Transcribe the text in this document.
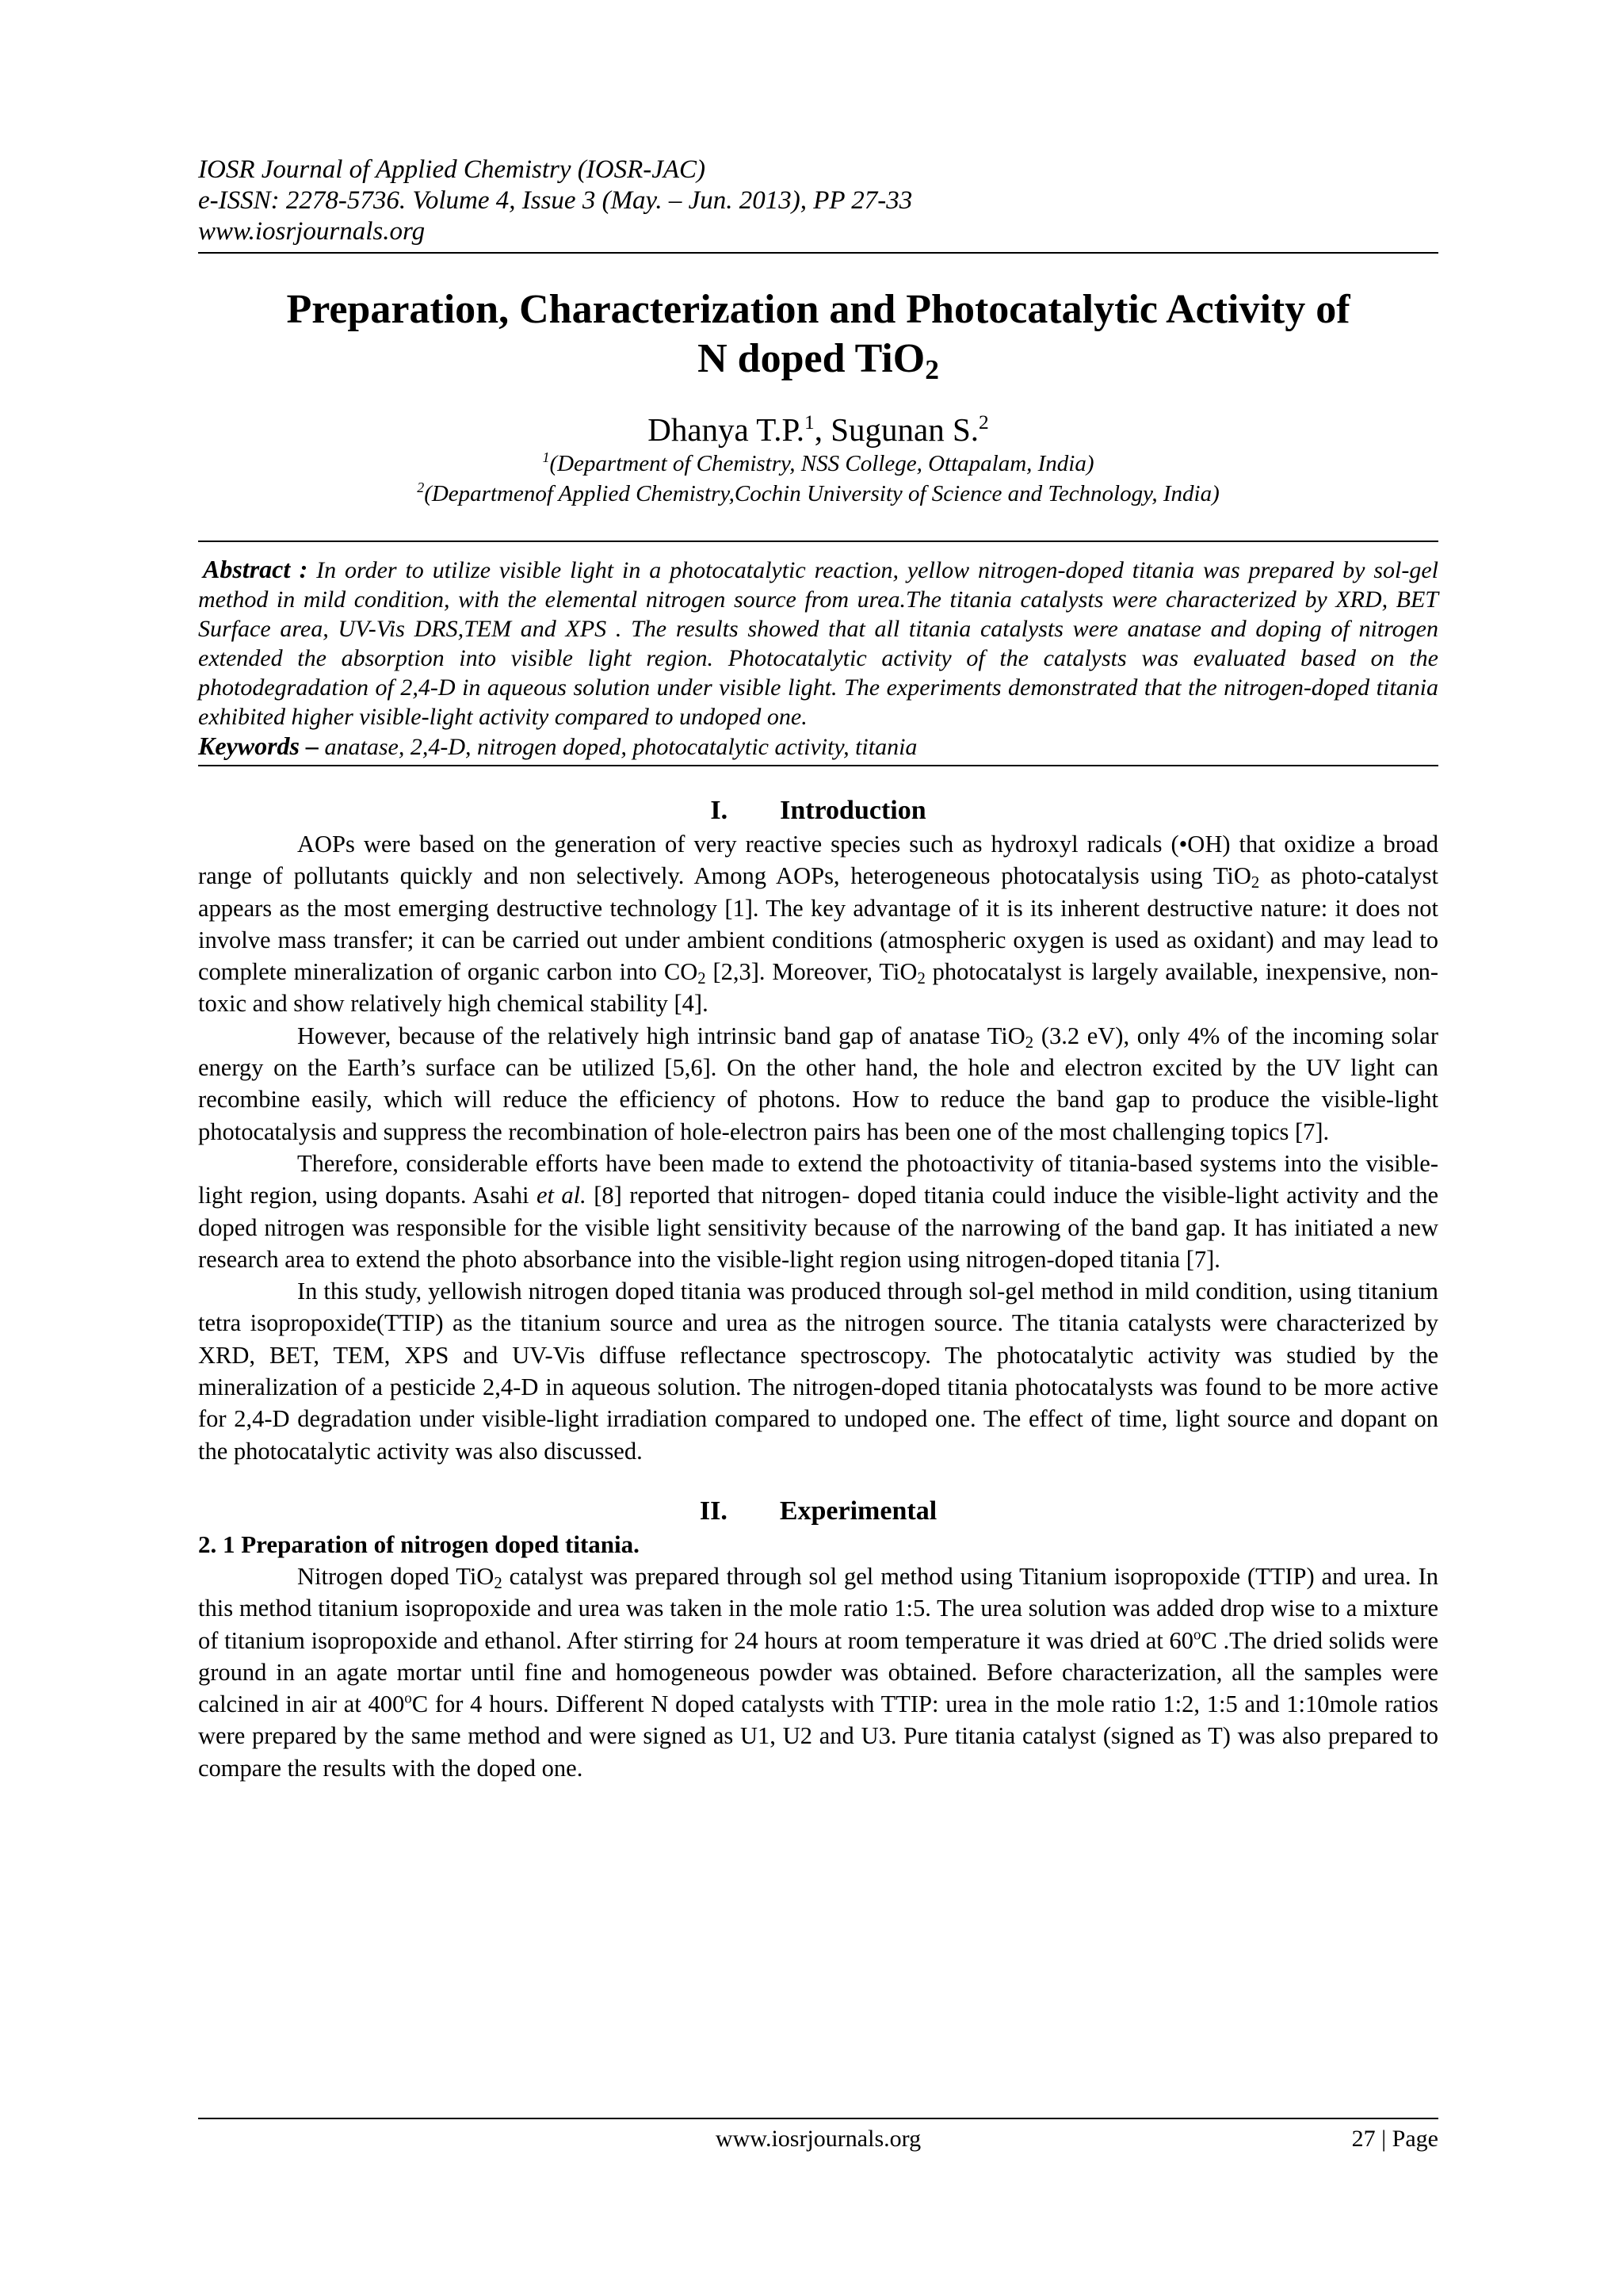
IOSR Journal of Applied Chemistry (IOSR-JAC)
e-ISSN: 2278-5736. Volume 4, Issue 3 (May. – Jun. 2013), PP 27-33
www.iosrjournals.org
Preparation, Characterization and Photocatalytic Activity of
N doped TiO$_2$
Dhanya T.P.$^1$, Sugunan S.$^2$
$^1$(Department of Chemistry, NSS College, Ottapalam, India)
$^2$(Departmenof Applied Chemistry,Cochin University of Science and Technology, India)
Abstract : In order to utilize visible light in a photocatalytic reaction, yellow nitrogen-doped titania was prepared by sol-gel method in mild condition, with the elemental nitrogen source from urea.The titania catalysts were characterized by XRD, BET Surface area, UV-Vis DRS,TEM and XPS . The results showed that all titania catalysts were anatase and doping of nitrogen extended the absorption into visible light region. Photocatalytic activity of the catalysts was evaluated based on the photodegradation of 2,4-D in aqueous solution under visible light. The experiments demonstrated that the nitrogen-doped titania exhibited higher visible-light activity compared to undoped one.
Keywords – anatase, 2,4-D, nitrogen doped, photocatalytic activity, titania
I. Introduction

AOPs were based on the generation of very reactive species such as hydroxyl radicals (•OH) that oxidize a broad range of pollutants quickly and non selectively. Among AOPs, heterogeneous photocatalysis using TiO$_2$ as photo-catalyst appears as the most emerging destructive technology [1]. The key advantage of it is its inherent destructive nature: it does not involve mass transfer; it can be carried out under ambient conditions (atmospheric oxygen is used as oxidant) and may lead to complete mineralization of organic carbon into $CO_2$ [2,3]. Moreover, TiO$_2$ photocatalyst is largely available, inexpensive, non-toxic and show relatively high chemical stability [4].

However, because of the relatively high intrinsic band gap of anatase TiO$_2$ (3.2 eV), only 4% of the incoming solar energy on the Earth’s surface can be utilized [5,6]. On the other hand, the hole and electron excited by the UV light can recombine easily, which will reduce the efficiency of photons. How to reduce the band gap to produce the visible-light photocatalysis and suppress the recombination of hole-electron pairs has been one of the most challenging topics [7].

Therefore, considerable efforts have been made to extend the photoactivity of titania-based systems into the visible-light region, using dopants. Asahi et al. [8] reported that nitrogen- doped titania could induce the visible-light activity and the doped nitrogen was responsible for the visible light sensitivity because of the narrowing of the band gap. It has initiated a new research area to extend the photo absorbance into the visible-light region using nitrogen-doped titania [7].

In this study, yellowish nitrogen doped titania was produced through sol-gel method in mild condition, using titanium tetra isopropoxide(TTIP) as the titanium source and urea as the nitrogen source. The titania catalysts were characterized by XRD, BET, TEM, XPS and UV-Vis diffuse reflectance spectroscopy. The photocatalytic activity was studied by the mineralization of a pesticide 2,4-D in aqueous solution. The nitrogen-doped titania photocatalysts was found to be more active for 2,4-D degradation under visible-light irradiation compared to undoped one. The effect of time, light source and dopant on the photocatalytic activity was also discussed.

II. Experimental
2. 1 Preparation of nitrogen doped titania.

Nitrogen doped TiO$_2$ catalyst was prepared through sol gel method using Titanium isopropoxide (TTIP) and urea. In this method titanium isopropoxide and urea was taken in the mole ratio 1:5. The urea solution was added drop wise to a mixture of titanium isopropoxide and ethanol. After stirring for 24 hours at room temperature it was dried at 60$^o$C .The dried solids were ground in an agate mortar until fine and homogeneous powder was obtained. Before characterization, all the samples were calcined in air at 400$^o$C for 4 hours. Different N doped catalysts with TTIP: urea in the mole ratio 1:2, 1:5 and 1:10mole ratios were prepared by the same method and were signed as U1, U2 and U3. Pure titania catalyst (signed as T) was also prepared to compare the results with the doped one.

www.iosrjournals.org	27 | Page
